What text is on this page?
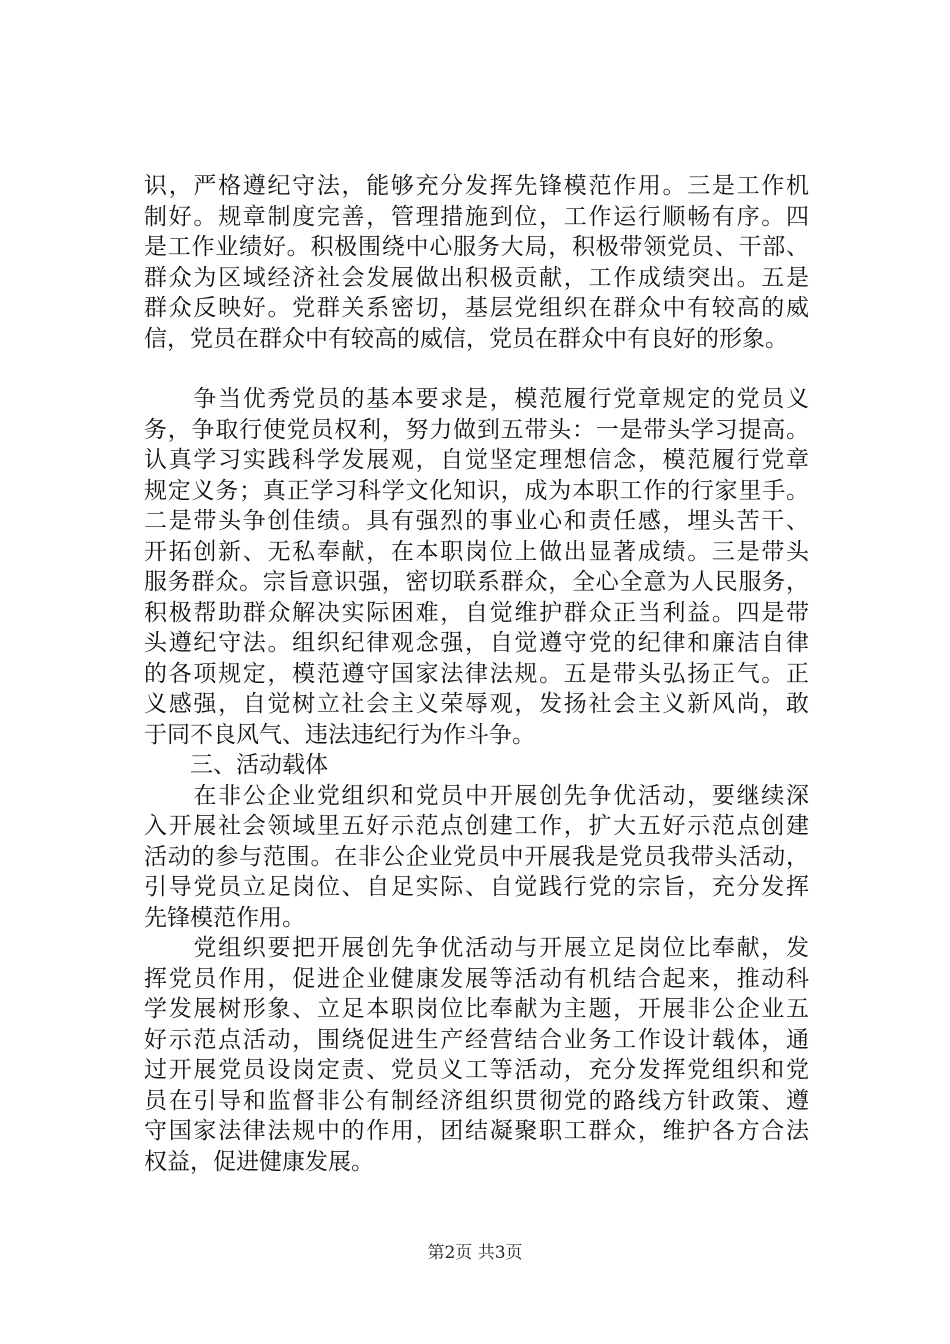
识，严格遵纪守法，能够充分发挥先锋模范作用。三是工作机
制好。规章制度完善，管理措施到位，工作运行顺畅有序。四
是工作业绩好。积极围绕中心服务大局，积极带领党员、干部、
群众为区域经济社会发展做出积极贡献，工作成绩突出。五是
群众反映好。党群关系密切，基层党组织在群众中有较高的威
信，党员在群众中有较高的威信，党员在群众中有良好的形象。
　　争当优秀党员的基本要求是，模范履行党章规定的党员义
务，争取行使党员权利，努力做到五带头：一是带头学习提高。
认真学习实践科学发展观，自觉坚定理想信念，模范履行党章
规定义务；真正学习科学文化知识，成为本职工作的行家里手。
二是带头争创佳绩。具有强烈的事业心和责任感，埋头苦干、
开拓创新、无私奉献，在本职岗位上做出显著成绩。三是带头
服务群众。宗旨意识强，密切联系群众，全心全意为人民服务，
积极帮助群众解决实际困难，自觉维护群众正当利益。四是带
头遵纪守法。组织纪律观念强，自觉遵守党的纪律和廉洁自律
的各项规定，模范遵守国家法律法规。五是带头弘扬正气。正
义感强，自觉树立社会主义荣辱观，发扬社会主义新风尚，敢
于同不良风气、违法违纪行为作斗争。
　　三、活动载体
　　在非公企业党组织和党员中开展创先争优活动，要继续深
入开展社会领域里五好示范点创建工作，扩大五好示范点创建
活动的参与范围。在非公企业党员中开展我是党员我带头活动，
引导党员立足岗位、自足实际、自觉践行党的宗旨，充分发挥
先锋模范作用。
　　党组织要把开展创先争优活动与开展立足岗位比奉献，发
挥党员作用，促进企业健康发展等活动有机结合起来，推动科
学发展树形象、立足本职岗位比奉献为主题，开展非公企业五
好示范点活动，围绕促进生产经营结合业务工作设计载体，通
过开展党员设岗定责、党员义工等活动，充分发挥党组织和党
员在引导和监督非公有制经济组织贯彻党的路线方针政策、遵
守国家法律法规中的作用，团结凝聚职工群众，维护各方合法
权益，促进健康发展。
第2页 共3页
